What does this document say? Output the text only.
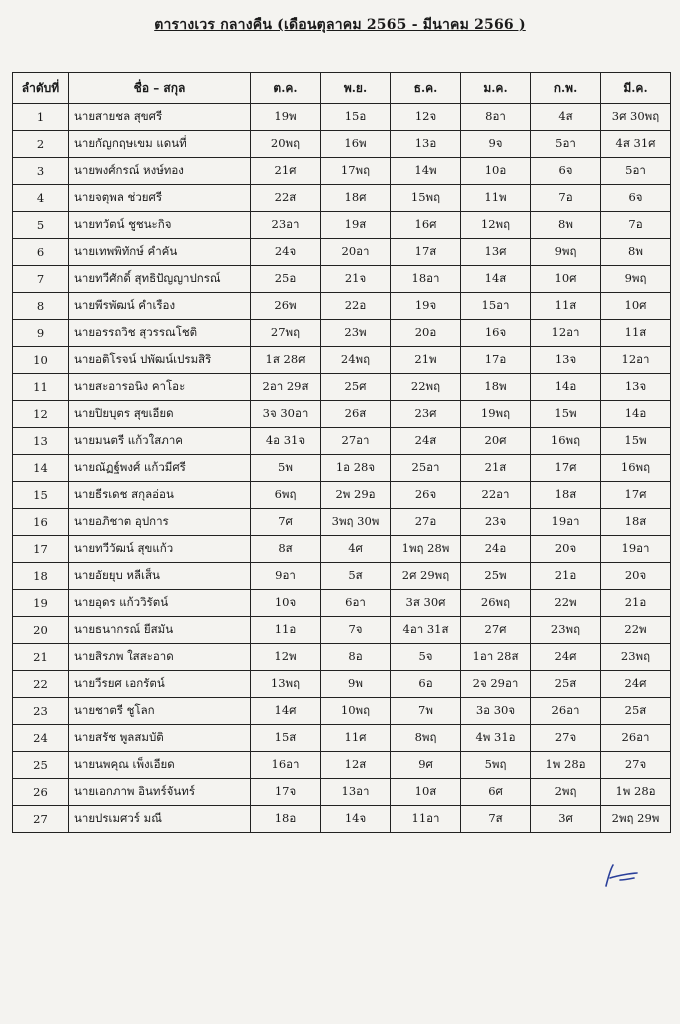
ตารางเวร กลางคืน (เดือนตุลาคม 2565 - มีนาคม 2566 )
ลำดับที่	ชื่อ – สกุล	ต.ค.	พ.ย.	ธ.ค.	ม.ค.	ก.พ.	มี.ค.
1	นายสายชล สุขศรี	19พ	15อ	12จ	8อา	4ส	3ศ 30พฤ
2	นายกัญกฤษเขม แดนที่	20พฤ	16พ	13อ	9จ	5อา	4ส 31ศ
3	นายพงศ์กรณ์ หงษ์ทอง	21ศ	17พฤ	14พ	10อ	6จ	5อา
4	นายจตุพล ช่วยศรี	22ส	18ศ	15พฤ	11พ	7อ	6จ
5	นายทวัตน์ ชูชนะกิจ	23อา	19ส	16ศ	12พฤ	8พ	7อ
6	นายเทพพิทักษ์ คำคัน	24จ	20อา	17ส	13ศ	9พฤ	8พ
7	นายทวีศักดิ์ สุทธิปัญญาปกรณ์	25อ	21จ	18อา	14ส	10ศ	9พฤ
8	นายพีรพัฒน์ คำเรือง	26พ	22อ	19จ	15อา	11ส	10ศ
9	นายอรรถวิช สุวรรณโชติ	27พฤ	23พ	20อ	16จ	12อา	11ส
10	นายอติโรจน์ ปพัฒน์เปรมสิริ	1ส 28ศ	24พฤ	21พ	17อ	13จ	12อา
11	นายสะอารอนิง คาโอะ	2อา 29ส	25ศ	22พฤ	18พ	14อ	13จ
12	นายปิยบุตร สุขเอียด	3จ 30อา	26ส	23ศ	19พฤ	15พ	14อ
13	นายมนตรี แก้วใสภาค	4อ 31จ	27อา	24ส	20ศ	16พฤ	15พ
14	นายณัฏฐ์พงศ์ แก้วมีศรี	5พ	1อ 28จ	25อา	21ส	17ศ	16พฤ
15	นายธีรเดช สกุลอ่อน	6พฤ	2พ 29อ	26จ	22อา	18ส	17ศ
16	นายอภิชาต อุปการ	7ศ	3พฤ 30พ	27อ	23จ	19อา	18ส
17	นายทวีวัฒน์ สุขแก้ว	8ส	4ศ	1พฤ 28พ	24อ	20จ	19อา
18	นายอัยยุบ หลีเส็น	9อา	5ส	2ศ 29พฤ	25พ	21อ	20จ
19	นายอุดร แก้ววิรัตน์	10จ	6อา	3ส 30ศ	26พฤ	22พ	21อ
20	นายธนากรณ์ ยีสมัน	11อ	7จ	4อา 31ส	27ศ	23พฤ	22พ
21	นายสิรภพ ใสสะอาด	12พ	8อ	5จ	1อา 28ส	24ศ	23พฤ
22	นายวีรยศ เอกรัตน์	13พฤ	9พ	6อ	2จ 29อา	25ส	24ศ
23	นายชาตรี ชูโลก	14ศ	10พฤ	7พ	3อ 30จ	26อา	25ส
24	นายสรัช พูลสมบัติ	15ส	11ศ	8พฤ	4พ 31อ	27จ	26อา
25	นายนพคุณ เพ็งเอียด	16อา	12ส	9ศ	5พฤ	1พ 28อ	27จ
26	นายเอกภาพ อินทร์จันทร์	17จ	13อา	10ส	6ศ	2พฤ	1พ 28อ
27	นายปรเมศวร์ มณี	18อ	14จ	11อา	7ส	3ศ	2พฤ 29พ
